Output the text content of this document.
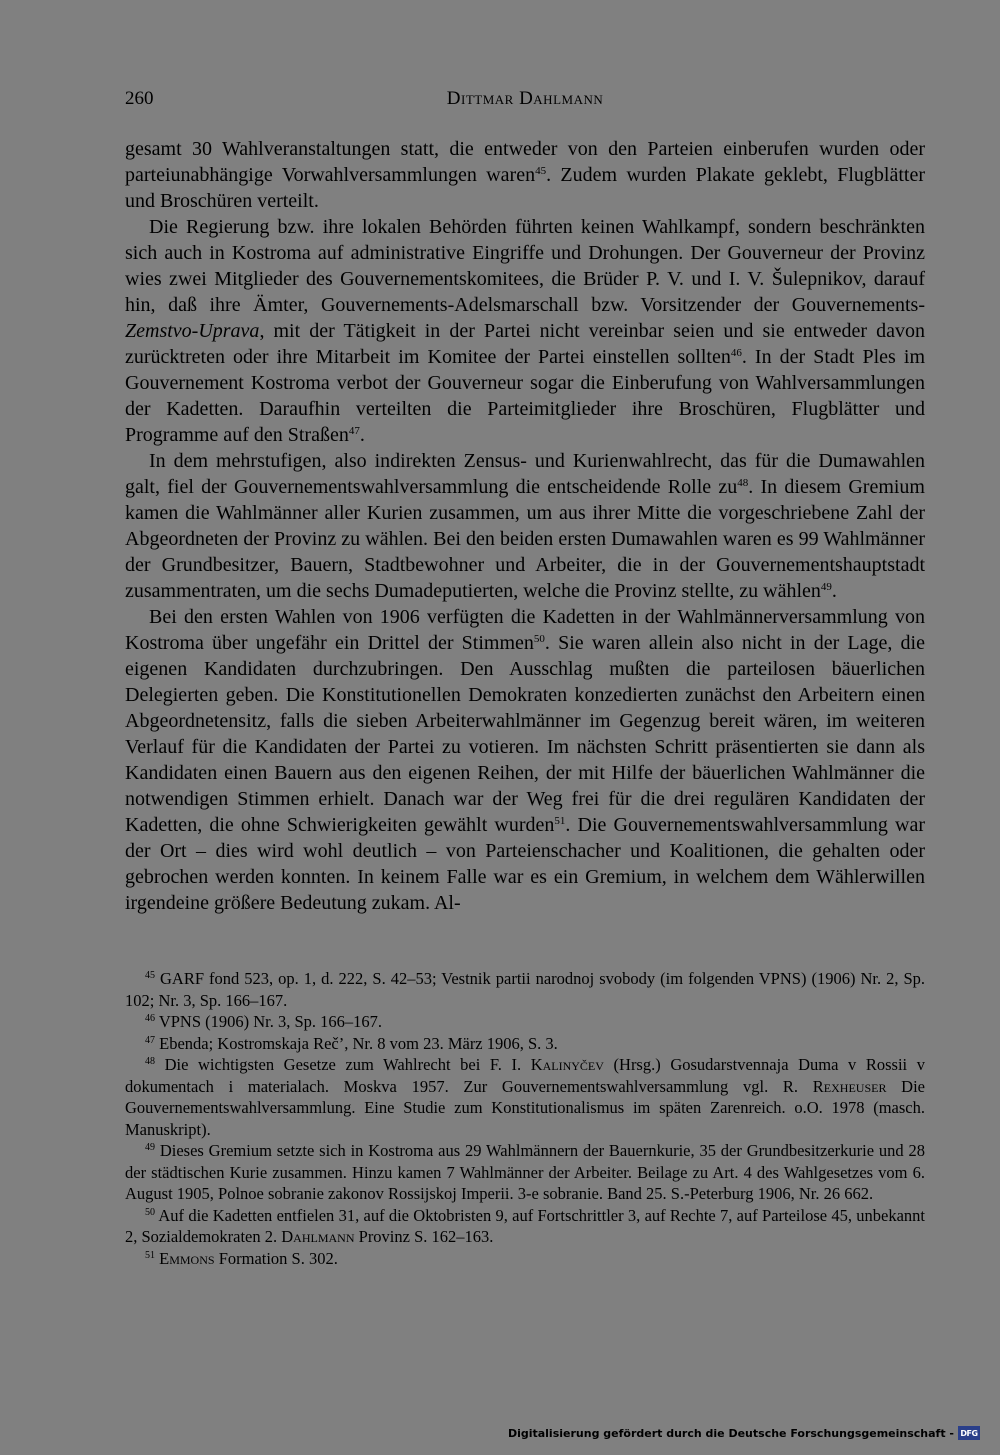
260	Dittmar Dahlmann

gesamt 30 Wahlveranstaltungen statt, die entweder von den Parteien einberufen wurden oder parteiunabhängige Vorwahlversammlungen waren$^{45}$. Zudem wurden Plakate geklebt, Flugblätter und Broschüren verteilt.

Die Regierung bzw. ihre lokalen Behörden führten keinen Wahlkampf, sondern beschränkten sich auch in Kostroma auf administrative Eingriffe und Drohungen. Der Gouverneur der Provinz wies zwei Mitglieder des Gouvernementskomitees, die Brüder P. V. und I. V. Šulepnikov, darauf hin, daß ihre Ämter, Gouvernements-Adelsmarschall bzw. Vorsitzender der Gouvernements-Zemstvo-Uprava, mit der Tätigkeit in der Partei nicht vereinbar seien und sie entweder davon zurücktreten oder ihre Mitarbeit im Komitee der Partei einstellen sollten$^{46}$. In der Stadt Ples im Gouvernement Kostroma verbot der Gouverneur sogar die Einberufung von Wahlversammlungen der Kadetten. Daraufhin verteilten die Parteimitglieder ihre Broschüren, Flugblätter und Programme auf den Straßen$^{47}$.

In dem mehrstufigen, also indirekten Zensus- und Kurienwahlrecht, das für die Dumawahlen galt, fiel der Gouvernementswahlversammlung die entscheidende Rolle $zu^{48}$. In diesem Gremium kamen die Wahlmänner aller Kurien zusammen, um aus ihrer Mitte die vorgeschriebene Zahl der Abgeordneten der Provinz zu wählen. Bei den beiden ersten Dumawahlen waren es 99 Wahlmänner der Grundbesitzer, Bauern, Stadtbewohner und Arbeiter, die in der Gouvernementshauptstadt zusammentraten, um die sechs Dumadeputierten, welche die Provinz stellte, zu wählen$^{49}$.

Bei den ersten Wahlen von 1906 verfügten die Kadetten in der Wahlmännerversammlung von Kostroma über ungefähr ein Drittel der Stimmen$^{50}$. Sie waren allein also nicht in der Lage, die eigenen Kandidaten durchzubringen. Den Ausschlag mußten die parteilosen bäuerlichen Delegierten geben. Die Konstitutionellen Demokraten konzedierten zunächst den Arbeitern einen Abgeordnetensitz, falls die sieben Arbeiterwahlmänner im Gegenzug bereit wären, im weiteren Verlauf für die Kandidaten der Partei zu votieren. Im nächsten Schritt präsentierten sie dann als Kandidaten einen Bauern aus den eigenen Reihen, der mit Hilfe der bäuerlichen Wahlmänner die notwendigen Stimmen erhielt. Danach war der Weg frei für die drei regulären Kandidaten der Kadetten, die ohne Schwierigkeiten gewählt wurden$^{51}$. Die Gouvernementswahlversammlung war der Ort – dies wird wohl deutlich – von Parteienschacher und Koalitionen, die gehalten oder gebrochen werden konnten. In keinem Falle war es ein Gremium, in welchem dem Wählerwillen irgendeine größere Bedeutung zukam. Al-

$^{45}$ GARF fond 523, op. 1, d. 222, S. 42–53; Vestnik partii narodnoj svobody (im folgenden VPNS) (1906) Nr. 2, Sp. 102; Nr. 3, Sp. 166–167.

$^{46}$ VPNS (1906) Nr. 3, Sp. 166–167.

$^{47}$ Ebenda; Kostromskaja Reč’, Nr. 8 vom 23. März 1906, S. 3.

$^{48}$ Die wichtigsten Gesetze zum Wahlrecht bei F. I. Kalinyčev (Hrsg.) Gosudarstvennaja Duma v Rossii v dokumentach i materialach. Moskva 1957. Zur Gouvernementswahlversammlung vgl. R. Rexheuser Die Gouvernementswahlversammlung. Eine Studie zum Konstitutionalismus im späten Zarenreich. o.O. 1978 (masch. Manuskript).

$^{49}$ Dieses Gremium setzte sich in Kostroma aus 29 Wahlmännern der Bauernkurie, 35 der Grundbesitzerkurie und 28 der städtischen Kurie zusammen. Hinzu kamen 7 Wahlmänner der Arbeiter. Beilage zu Art. 4 des Wahlgesetzes vom 6. August 1905, Polnoe sobranie zakonov Rossijskoj Imperii. 3-e sobranie. Band 25. S.-Peterburg 1906, Nr. 26 662.

$^{50}$ Auf die Kadetten entfielen 31, auf die Oktobristen 9, auf Fortschrittler 3, auf Rechte 7, auf Parteilose 45, unbekannt 2, Sozialdemokraten 2. Dahlmann Provinz S. 162–163.

$^{51}$ Emmons Formation S. 302.

Digitalisierung gefördert durch die Deutsche Forschungsgemeinschaft - DFG
